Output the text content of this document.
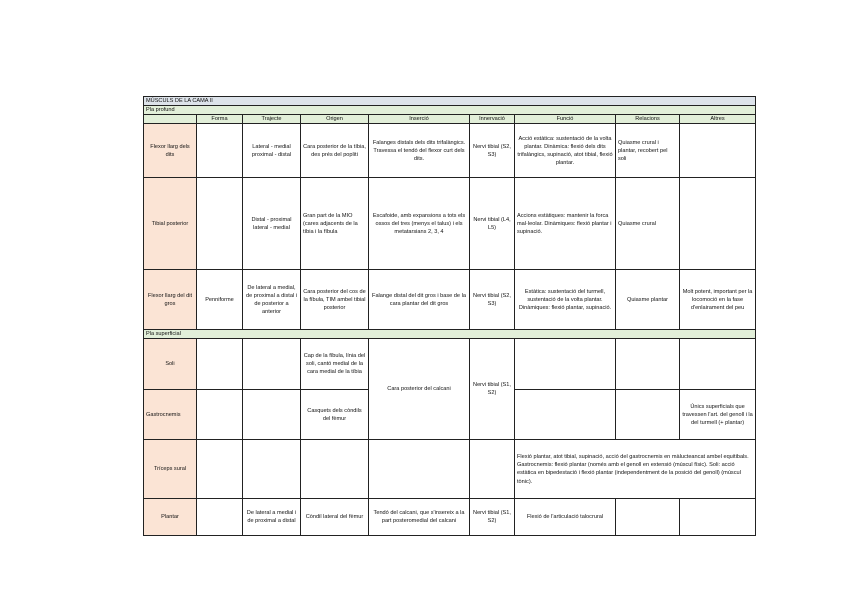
MÚSCULS DE LA CAMA II								
Pla profund								
	Forma	Trajecte	Origen	Inserció	Innervació	Funció	Relacions	Altres
Flexor llarg dels dits		Lateral - medial proximal - distal	Cara posterior de la tíbia, des prés del popliti	Falanges distals dels dits trifalàngics. Travessa el tendó del flexor curt dels dits.	Nervi tibial (S2, S3)	Acció estàtica: sustentació de la volta plantar. Dinàmica: flexió dels dits trifalàngics, supinació, atot tibial, flexió plantar.	Quiasme crural i plantar, recobert pel soli	
Tibial posterior		Distal - proximal lateral - medial	Gran part de la MIO (cares adjacents de la tíbia i la fíbula	Escafoide, amb expansions a tots els ossos del tres (menys el talus) i els metatarsians 2, 3, 4	Nervi tibial (L4, L5)	Accions estàtiques: mantenir la forca mal·leolar. Dinàmiques: flexió plantar i supinació.	Quiasme crural	
Flexor llarg del dit gros	Penniforme	De lateral a medial, de proximal a distal i de posterior a anterior	Cara posterior del cos de la fíbula, TIM ambel tibial posterior	Falange distal del dit gros i base de la cara plantar del dit gros	Nervi tibial (S2, S3)	Estàtica: sustentació del turmell, sustentació de la volta plantar. Dinàmiques: flexió plantar, supinació.	Quiasme plantar	Molt potent, important per la locomoció en la fase d'enlairament del peu
Pla superficial								
Soli			Cap de la fíbula, línia del soli, cantó medial de la cara medial de la tíbia	Cara posterior del calcani	Nervi tibial (S1, S2)			
Gastrocnemis			Casquets dels còndils del fèmur					Únics superficials que travessen l'art. del genoll i la del turmell (+ plantar)
Tríceps sural						Flexió plantar, atot tibial, supinació, acció del gastrocnemis en màlucteancat ambel equitibals. Gastrocnemis: flexió plantar (només amb el genoll en extensió (múscul físic). Soli: acció estàtica en bipedestació i flexió plantar (independentment de la posició del genoll) (múscul tònic).		
Plantar		De lateral a medial i de proximal a distal	Còndil lateral del fèmur	Tendó del calcani, que s'insereix a la part posteromedial del calcani	Nervi tibial (S1, S2)	Flexió de l'articulació talocrural		
